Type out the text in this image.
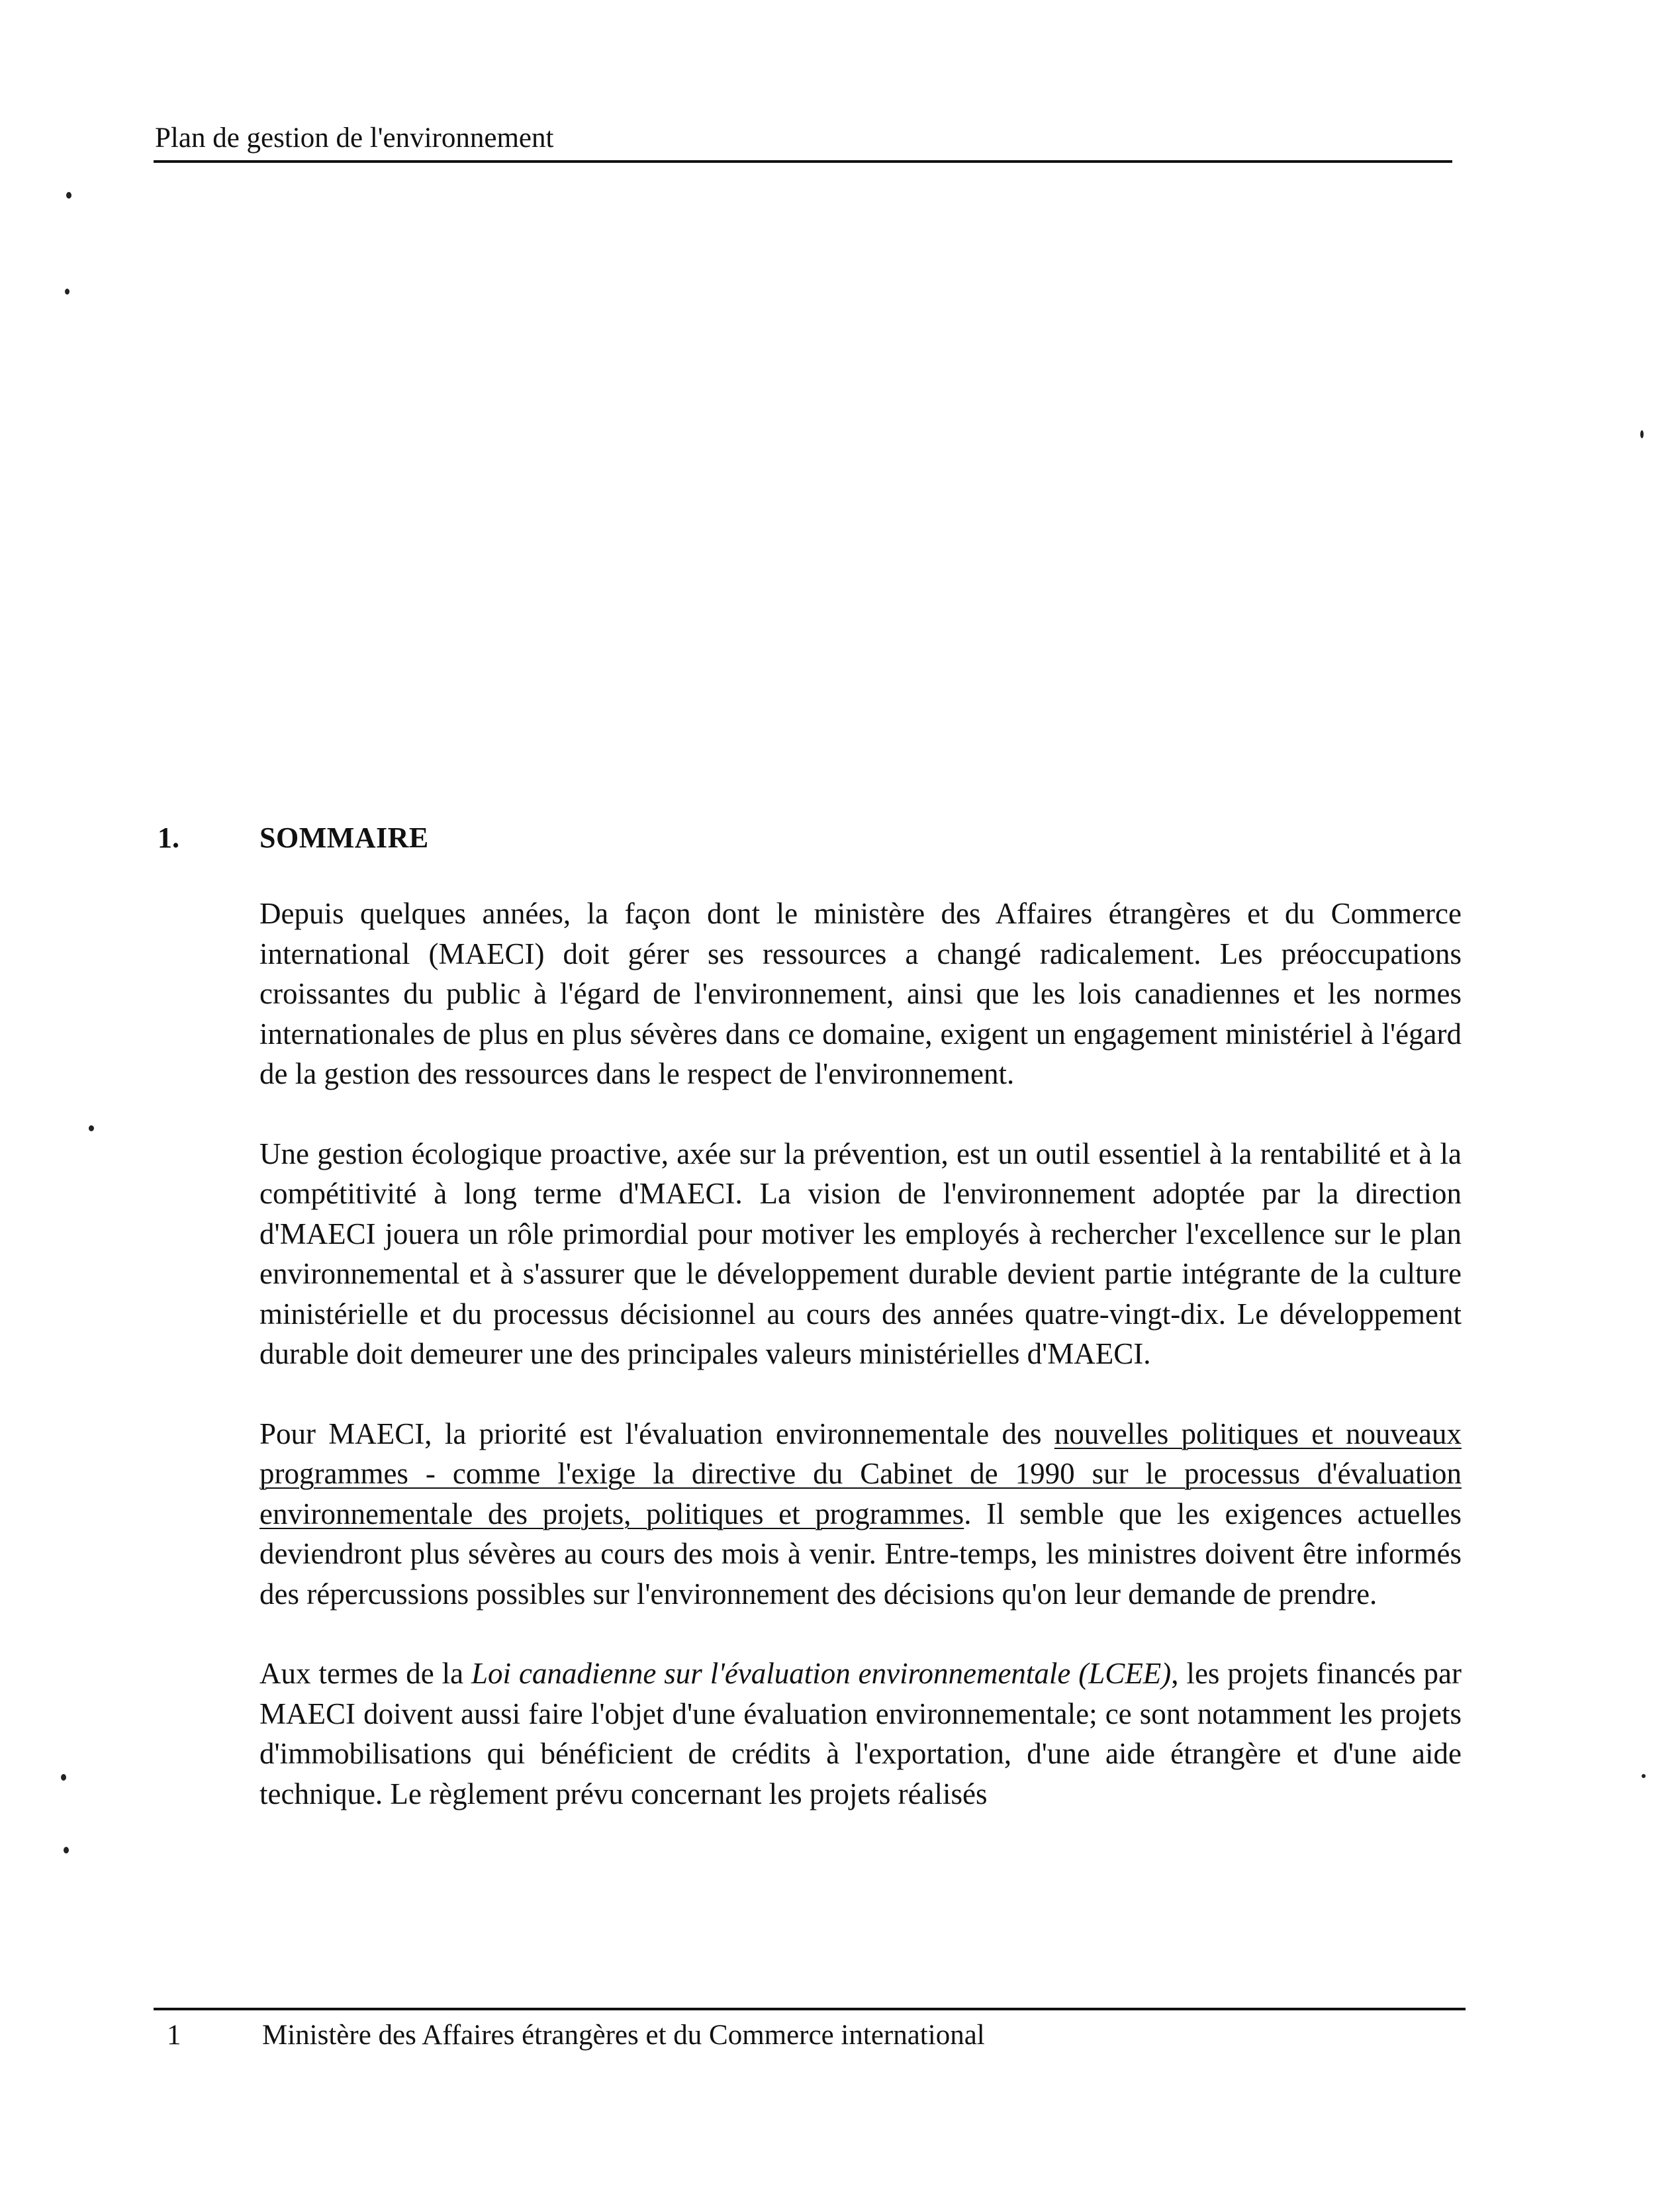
Plan de gestion de l'environnement
1.	SOMMAIRE

Depuis quelques années, la façon dont le ministère des Affaires étrangères et du Commerce international (MAECI) doit gérer ses ressources a changé radicalement. Les préoccupations croissantes du public à l'égard de l'environnement, ainsi que les lois canadiennes et les normes internationales de plus en plus sévères dans ce domaine, exigent un engagement ministériel à l'égard de la gestion des ressources dans le respect de l'environnement.

Une gestion écologique proactive, axée sur la prévention, est un outil essentiel à la rentabilité et à la compétitivité à long terme d'MAECI. La vision de l'environnement adoptée par la direction d'MAECI jouera un rôle primordial pour motiver les employés à rechercher l'excellence sur le plan environnemental et à s'assurer que le développement durable devient partie intégrante de la culture ministérielle et du processus décisionnel au cours des années quatre-vingt-dix. Le développement durable doit demeurer une des principales valeurs ministérielles d'MAECI.

Pour MAECI, la priorité est l'évaluation environnementale des nouvelles politiques et nouveaux programmes - comme l'exige la directive du Cabinet de 1990 sur le processus d'évaluation environnementale des projets, politiques et programmes. Il semble que les exigences actuelles deviendront plus sévères au cours des mois à venir. Entre-temps, les ministres doivent être informés des répercussions possibles sur l'environnement des décisions qu'on leur demande de prendre.

Aux termes de la Loi canadienne sur l'évaluation environnementale (LCEE), les projets financés par MAECI doivent aussi faire l'objet d'une évaluation environnementale; ce sont notamment les projets d'immobilisations qui bénéficient de crédits à l'exportation, d'une aide étrangère et d'une aide technique. Le règlement prévu concernant les projets réalisés

1	Ministère des Affaires étrangères et du Commerce international
